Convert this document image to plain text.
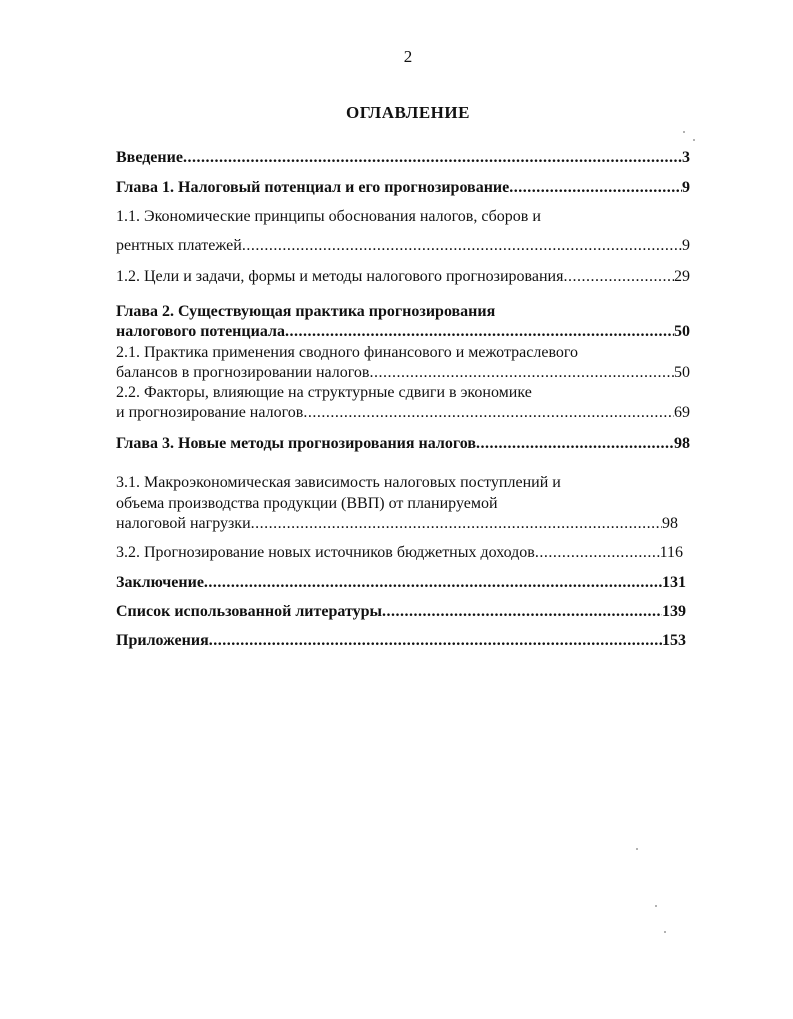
2
ОГЛАВЛЕНИЕ
Введение .....	3
Глава 1. Налоговый потенциал и его прогнозирование .....	9
1.1. Экономические принципы обоснования налогов, сборов и
рентных платежей .....	9
1.2. Цели и задачи, формы и методы налогового прогнозирования .....	29
Глава 2. Существующая практика прогнозирования
налогового потенциала .....	50
2.1. Практика применения сводного финансового и межотраслевого
балансов в прогнозировании налогов .....	50
2.2. Факторы, влияющие на структурные сдвиги в экономике
и прогнозирование налогов .....	69
Глава 3. Новые методы прогнозирования налогов .....	98
3.1. Макроэкономическая зависимость налоговых поступлений и
объема производства продукции (ВВП) от планируемой
налоговой нагрузки .....	98
3.2. Прогнозирование новых источников бюджетных доходов .....	116
Заключение .....	131
Список использованной литературы .....	139
Приложения .....	153
